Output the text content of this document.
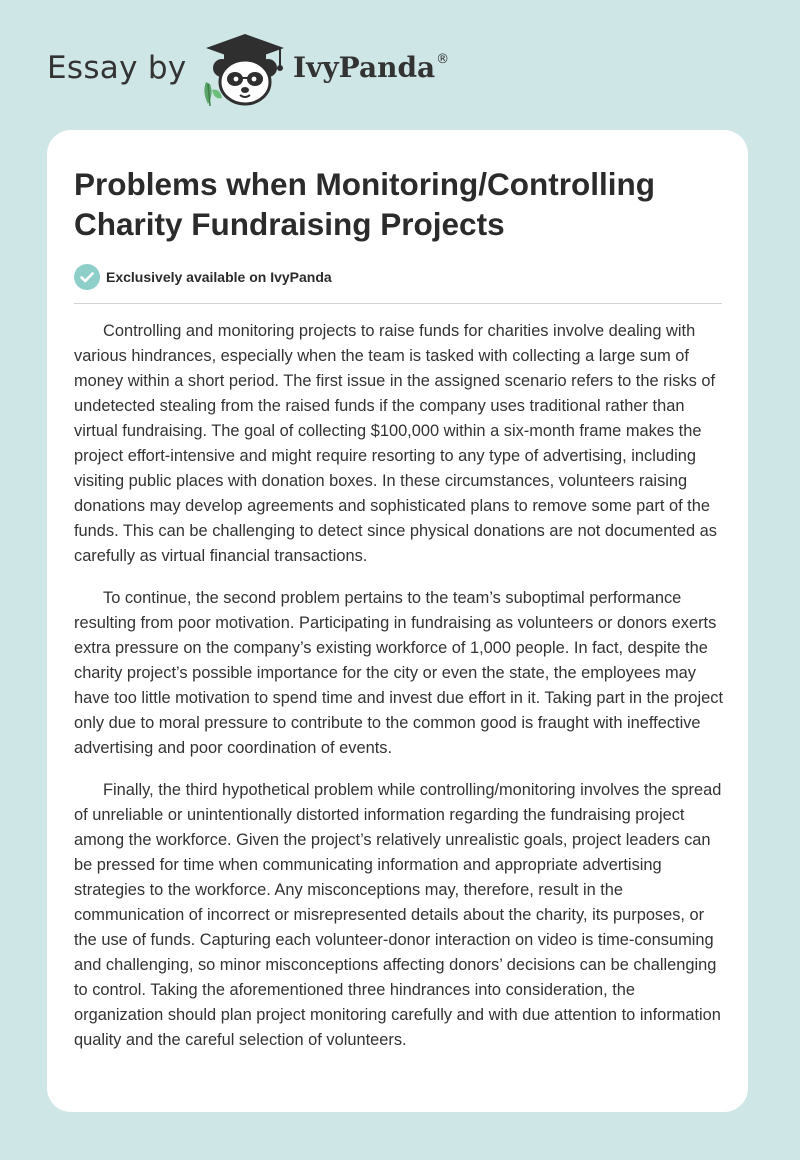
Essay by	IvyPanda®
Problems when Monitoring/Controlling Charity Fundraising Projects
Exclusively available on IvyPanda

Controlling and monitoring projects to raise funds for charities involve dealing with various hindrances, especially when the team is tasked with collecting a large sum of money within a short period. The first issue in the assigned scenario refers to the risks of undetected stealing from the raised funds if the company uses traditional rather than virtual fundraising. The goal of collecting $100,000 within a six-month frame makes the project effort-intensive and might require resorting to any type of advertising, including visiting public places with donation boxes. In these circumstances, volunteers raising donations may develop agreements and sophisticated plans to remove some part of the funds. This can be challenging to detect since physical donations are not documented as carefully as virtual financial transactions.

To continue, the second problem pertains to the team’s suboptimal performance resulting from poor motivation. Participating in fundraising as volunteers or donors exerts extra pressure on the company’s existing workforce of 1,000 people. In fact, despite the charity project’s possible importance for the city or even the state, the employees may have too little motivation to spend time and invest due effort in it. Taking part in the project only due to moral pressure to contribute to the common good is fraught with ineffective advertising and poor coordination of events.

Finally, the third hypothetical problem while controlling/monitoring involves the spread of unreliable or unintentionally distorted information regarding the fundraising project among the workforce. Given the project’s relatively unrealistic goals, project leaders can be pressed for time when communicating information and appropriate advertising strategies to the workforce. Any misconceptions may, therefore, result in the communication of incorrect or misrepresented details about the charity, its purposes, or the use of funds. Capturing each volunteer-donor interaction on video is time-consuming and challenging, so minor misconceptions affecting donors’ decisions can be challenging to control. Taking the aforementioned three hindrances into consideration, the organization should plan project monitoring carefully and with due attention to information quality and the careful selection of volunteers.
